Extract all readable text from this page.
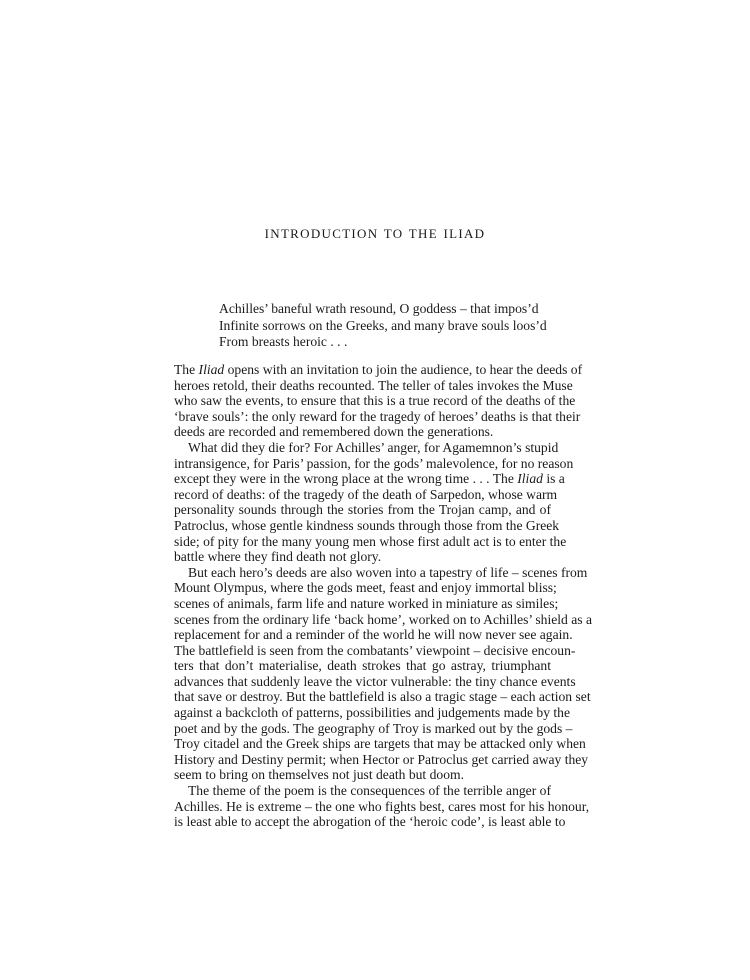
INTRODUCTION TO THE ILIAD
Achilles’ baneful wrath resound, O goddess – that impos’d
Infinite sorrows on the Greeks, and many brave souls loos’d
From breasts heroic . . .
The Iliad opens with an invitation to join the audience, to hear the deeds of
heroes retold, their deaths recounted. The teller of tales invokes the Muse
who saw the events, to ensure that this is a true record of the deaths of the
‘brave souls’: the only reward for the tragedy of heroes’ deaths is that their
deeds are recorded and remembered down the generations.
What did they die for? For Achilles’ anger, for Agamemnon’s stupid
intransigence, for Paris’ passion, for the gods’ malevolence, for no reason
except they were in the wrong place at the wrong time . . . The Iliad is a
record of deaths: of the tragedy of the death of Sarpedon, whose warm
personality sounds through the stories from the Trojan camp, and of
Patroclus, whose gentle kindness sounds through those from the Greek
side; of pity for the many young men whose first adult act is to enter the
battle where they find death not glory.
But each hero’s deeds are also woven into a tapestry of life – scenes from
Mount Olympus, where the gods meet, feast and enjoy immortal bliss;
scenes of animals, farm life and nature worked in miniature as similes;
scenes from the ordinary life ‘back home’, worked on to Achilles’ shield as a
replacement for and a reminder of the world he will now never see again.
The battlefield is seen from the combatants’ viewpoint – decisive encoun-
ters that don’t materialise, death strokes that go astray, triumphant
advances that suddenly leave the victor vulnerable: the tiny chance events
that save or destroy. But the battlefield is also a tragic stage – each action set
against a backcloth of patterns, possibilities and judgements made by the
poet and by the gods. The geography of Troy is marked out by the gods –
Troy citadel and the Greek ships are targets that may be attacked only when
History and Destiny permit; when Hector or Patroclus get carried away they
seem to bring on themselves not just death but doom.
The theme of the poem is the consequences of the terrible anger of
Achilles. He is extreme – the one who fights best, cares most for his honour,
is least able to accept the abrogation of the ‘heroic code’, is least able to
